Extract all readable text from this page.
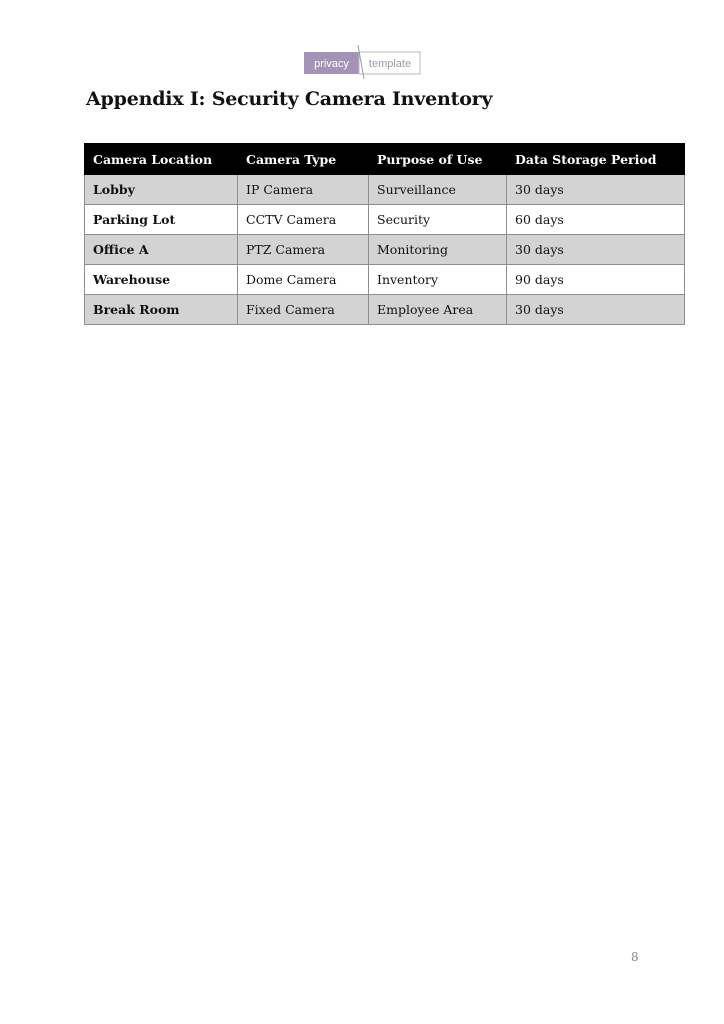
privacy template
Appendix I: Security Camera Inventory
Camera Location	Camera Type	Purpose of Use	Data Storage Period
Lobby	IP Camera	Surveillance	30 days
Parking Lot	CCTV Camera	Security	60 days
Office A	PTZ Camera	Monitoring	30 days
Warehouse	Dome Camera	Inventory	90 days
Break Room	Fixed Camera	Employee Area	30 days
8
